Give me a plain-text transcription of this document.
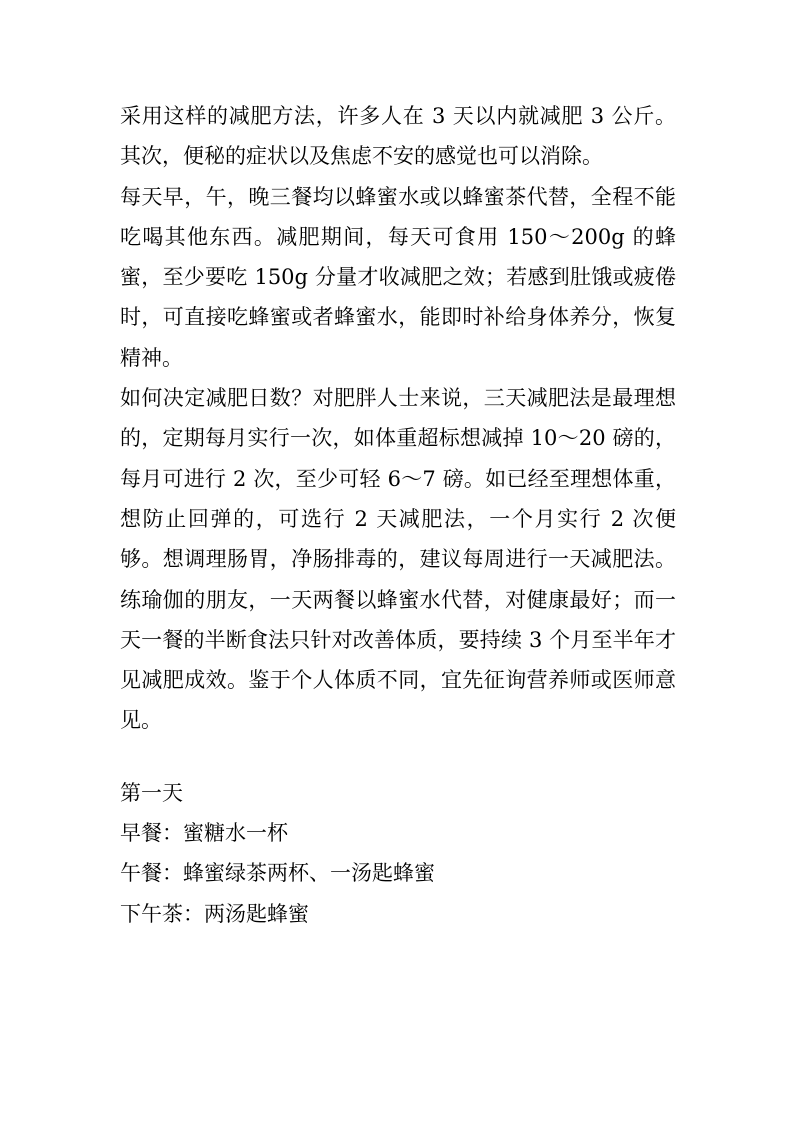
采用这样的减肥方法，许多人在 3 天以内就减肥 3 公斤。其次，便秘的症状以及焦虑不安的感觉也可以消除。

每天早，午，晚三餐均以蜂蜜水或以蜂蜜茶代替，全程不能吃喝其他东西。减肥期间，每天可食用 150～200g 的蜂蜜，至少要吃 150g 分量才收减肥之效；若感到肚饿或疲倦时，可直接吃蜂蜜或者蜂蜜水，能即时补给身体养分，恢复精神。

如何决定减肥日数？对肥胖人士来说，三天减肥法是最理想的，定期每月实行一次，如体重超标想减掉 10～20 磅的，每月可进行 2 次，至少可轻 6～7 磅。如已经至理想体重，想防止回弹的，可选行 2 天减肥法，一个月实行 2 次便够。想调理肠胃，净肠排毒的，建议每周进行一天减肥法。练瑜伽的朋友，一天两餐以蜂蜜水代替，对健康最好；而一天一餐的半断食法只针对改善体质，要持续 3 个月至半年才见减肥成效。鉴于个人体质不同，宜先征询营养师或医师意见。

第一天

早餐：蜜糖水一杯

午餐：蜂蜜绿茶两杯、一汤匙蜂蜜

下午茶：两汤匙蜂蜜
